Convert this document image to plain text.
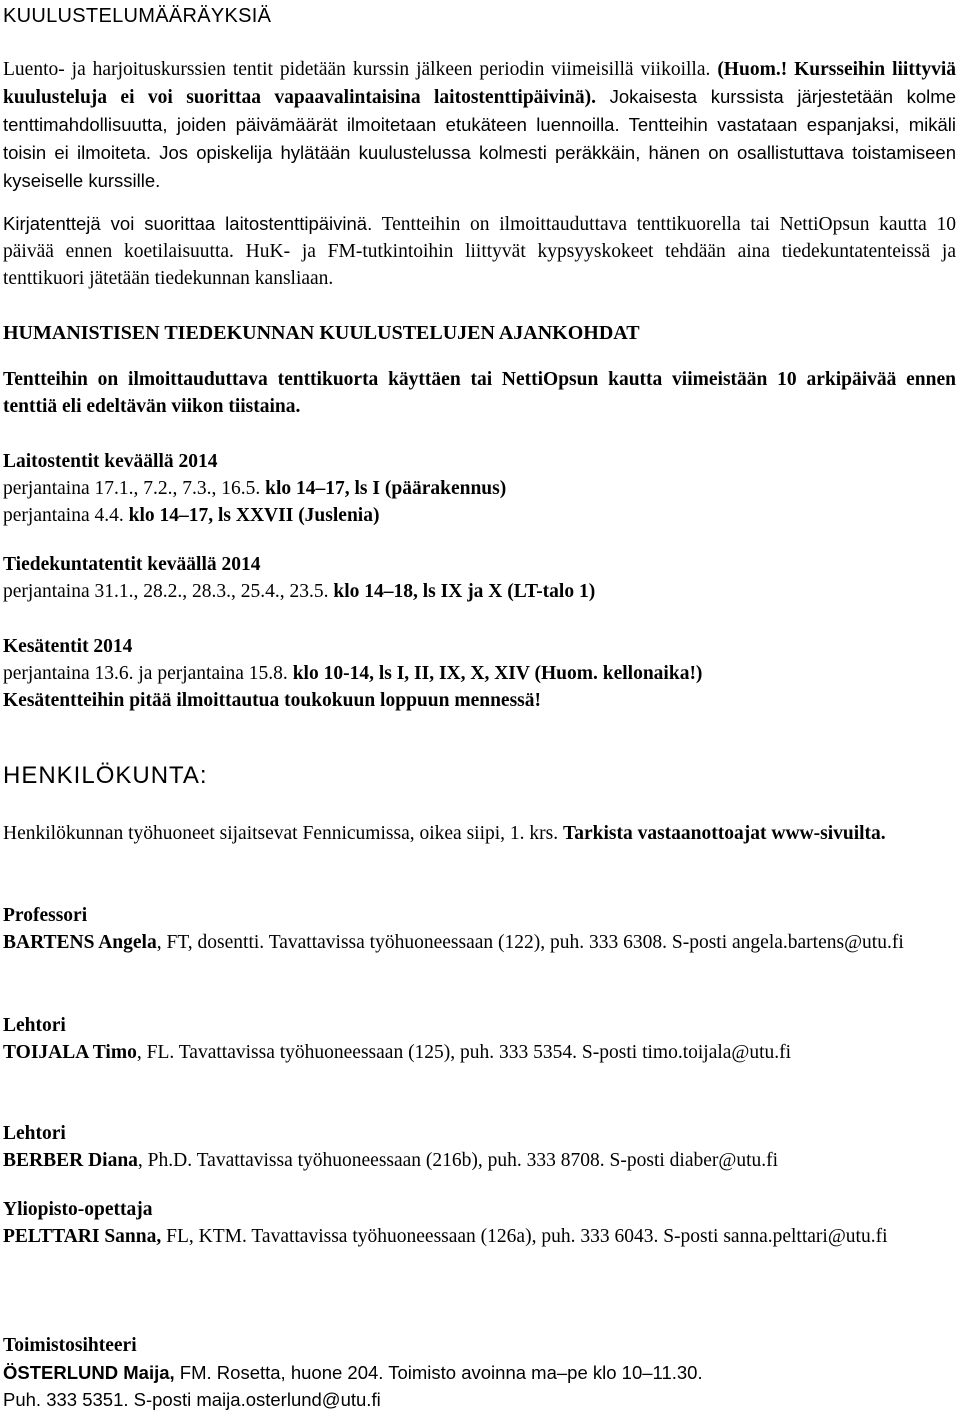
KUULUSTELUMÄÄRÄYKSIÄ

Luento- ja harjoituskurssien tentit pidetään kurssin jälkeen periodin viimeisillä viikoilla. (Huom.! Kursseihin liittyviä kuulusteluja ei voi suorittaa vapaavalintaisina laitostenttipäivinä). Jokaisesta kurssista järjestetään kolme tenttimahdollisuutta, joiden päivämäärät ilmoitetaan etukäteen luennoilla. Tentteihin vastataan espanjaksi, mikäli toisin ei ilmoiteta. Jos opiskelija hylätään kuulustelussa kolmesti peräkkäin, hänen on osallistuttava toistamiseen kyseiselle kurssille.

Kirjatenttejä voi suorittaa laitostenttipäivinä. Tentteihin on ilmoittauduttava tenttikuorella tai NettiOpsun kautta 10 päivää ennen koetilaisuutta. HuK- ja FM-tutkintoihin liittyvät kypsyyskokeet tehdään aina tiedekuntatenteissä ja tenttikuori jätetään tiedekunnan kansliaan.

HUMANISTISEN TIEDEKUNNAN KUULUSTELUJEN AJANKOHDAT

Tentteihin on ilmoittauduttava tenttikuorta käyttäen tai NettiOpsun kautta viimeistään 10 arkipäivää ennen tenttiä eli edeltävän viikon tiistaina.

Laitostentit keväällä 2014
perjantaina 17.1., 7.2., 7.3., 16.5. klo 14–17, ls I (päärakennus)
perjantaina 4.4. klo 14–17, ls XXVII (Juslenia)
Tiedekuntatentit keväällä 2014
perjantaina 31.1., 28.2., 28.3., 25.4., 23.5. klo 14–18, ls IX ja X (LT-talo 1)
Kesätentit 2014
perjantaina 13.6. ja perjantaina 15.8. klo 10-14, ls I, II, IX, X, XIV (Huom. kellonaika!)
Kesätentteihin pitää ilmoittautua toukokuun loppuun mennessä!
HENKILÖKUNTA:

Henkilökunnan työhuoneet sijaitsevat Fennicumissa, oikea siipi, 1. krs. Tarkista vastaanottoajat www-sivuilta.

Professori

BARTENS Angela, FT, dosentti. Tavattavissa työhuoneessaan (122), puh. 333 6308. S-posti angela.bartens@utu.fi

Lehtori

TOIJALA Timo, FL. Tavattavissa työhuoneessaan (125), puh. 333 5354. S-posti timo.toijala@utu.fi

Lehtori

BERBER Diana, Ph.D. Tavattavissa työhuoneessaan (216b), puh. 333 8708. S-posti diaber@utu.fi

Yliopisto-opettaja

PELTTARI Sanna, FL, KTM. Tavattavissa työhuoneessaan (126a), puh. 333 6043. S-posti sanna.pelttari@utu.fi

Toimistosihteeri
ÖSTERLUND Maija, FM. Rosetta, huone 204. Toimisto avoinna ma–pe klo 10–11.30.
Puh. 333 5351. S-posti maija.osterlund@utu.fi
